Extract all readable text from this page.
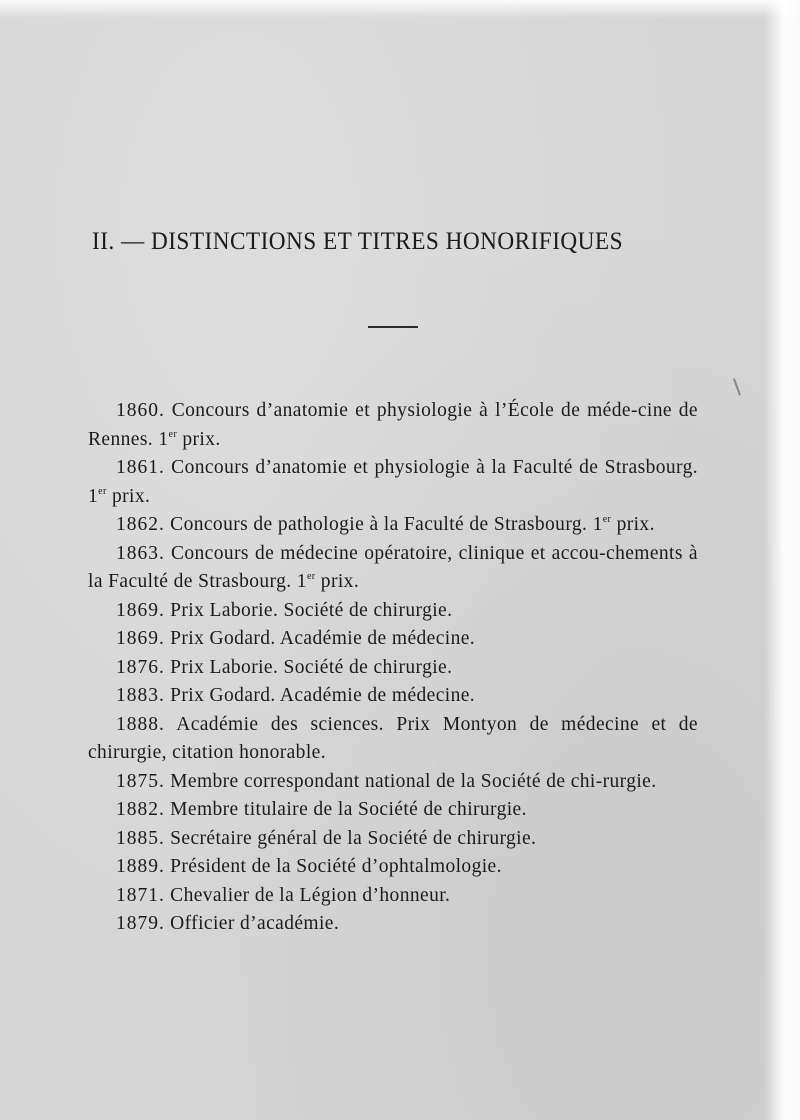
II. — DISTINCTIONS ET TITRES HONORIFIQUES
1860. Concours d’anatomie et physiologie à l’École de méde-cine de Rennes. 1er prix.
1861. Concours d’anatomie et physiologie à la Faculté de Strasbourg. 1er prix.
1862. Concours de pathologie à la Faculté de Strasbourg. 1er prix.
1863. Concours de médecine opératoire, clinique et accou-chements à la Faculté de Strasbourg. 1er prix.
1869. Prix Laborie. Société de chirurgie.
1869. Prix Godard. Académie de médecine.
1876. Prix Laborie. Société de chirurgie.
1883. Prix Godard. Académie de médecine.
1888. Académie des sciences. Prix Montyon de médecine et de chirurgie, citation honorable.
1875. Membre correspondant national de la Société de chi-rurgie.
1882. Membre titulaire de la Société de chirurgie.
1885. Secrétaire général de la Société de chirurgie.
1889. Président de la Société d’ophtalmologie.
1871. Chevalier de la Légion d’honneur.
1879. Officier d’académie.
